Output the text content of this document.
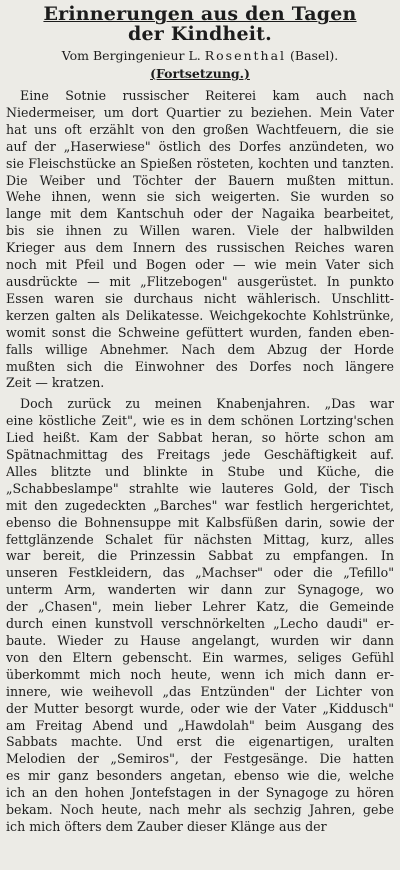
Erinnerungen aus den Tagen
der Kindheit.
Vom Bergingenieur L. Rosenthal (Basel).
(Fortsetzung.)
Eine Sotnie russischer Reiterei kam auch nach
Niedermeiser, um dort Quartier zu beziehen. Mein Vater
hat uns oft erzählt von den großen Wachtfeuern, die sie
auf der „Haserwiese" östlich des Dorfes anzündeten, wo
sie Fleischstücke an Spießen rösteten, kochten und tanzten.
Die Weiber und Töchter der Bauern mußten mittun.
Wehe ihnen, wenn sie sich weigerten. Sie wurden so
lange mit dem Kantschuh oder der Nagaika bearbeitet,
bis sie ihnen zu Willen waren. Viele der halbwilden
Krieger aus dem Innern des russischen Reiches waren
noch mit Pfeil und Bogen oder — wie mein Vater sich
ausdrückte — mit „Flitzebogen" ausgerüstet. In punkto
Essen waren sie durchaus nicht wählerisch. Unschlitt-
kerzen galten als Delikatesse. Weichgekochte Kohlstrünke,
womit sonst die Schweine gefüttert wurden, fanden eben-
falls willige Abnehmer. Nach dem Abzug der Horde
mußten sich die Einwohner des Dorfes noch längere
Zeit — kratzen.
Doch zurück zu meinen Knabenjahren. „Das war
eine köstliche Zeit", wie es in dem schönen Lortzing'schen
Lied heißt. Kam der Sabbat heran, so hörte schon am
Spätnachmittag des Freitags jede Geschäftigkeit auf.
Alles blitzte und blinkte in Stube und Küche, die
„Schabbeslampe" strahlte wie lauteres Gold, der Tisch
mit den zugedeckten „Barches" war festlich hergerichtet,
ebenso die Bohnensuppe mit Kalbsfüßen darin, sowie der
fettglänzende Schalet für nächsten Mittag, kurz, alles
war bereit, die Prinzessin Sabbat zu empfangen. In
unseren Festkleidern, das „Machser" oder die „Tefillo"
unterm Arm, wanderten wir dann zur Synagoge, wo
der „Chasen", mein lieber Lehrer Katz, die Gemeinde
durch einen kunstvoll verschnörkelten „Lecho daudi" er-
baute. Wieder zu Hause angelangt, wurden wir dann
von den Eltern gebenscht. Ein warmes, seliges Gefühl
überkommt mich noch heute, wenn ich mich dann er-
innere, wie weihevoll „das Entzünden" der Lichter von
der Mutter besorgt wurde, oder wie der Vater „Kiddusch"
am Freitag Abend und „Hawdolah" beim Ausgang des
Sabbats machte. Und erst die eigenartigen, uralten
Melodien der „Semiros", der Festgesänge. Die hatten
es mir ganz besonders angetan, ebenso wie die, welche
ich an den hohen Jontefstagen in der Synagoge zu hören
bekam. Noch heute, nach mehr als sechzig Jahren, gebe
ich mich öfters dem Zauber dieser Klänge aus der
